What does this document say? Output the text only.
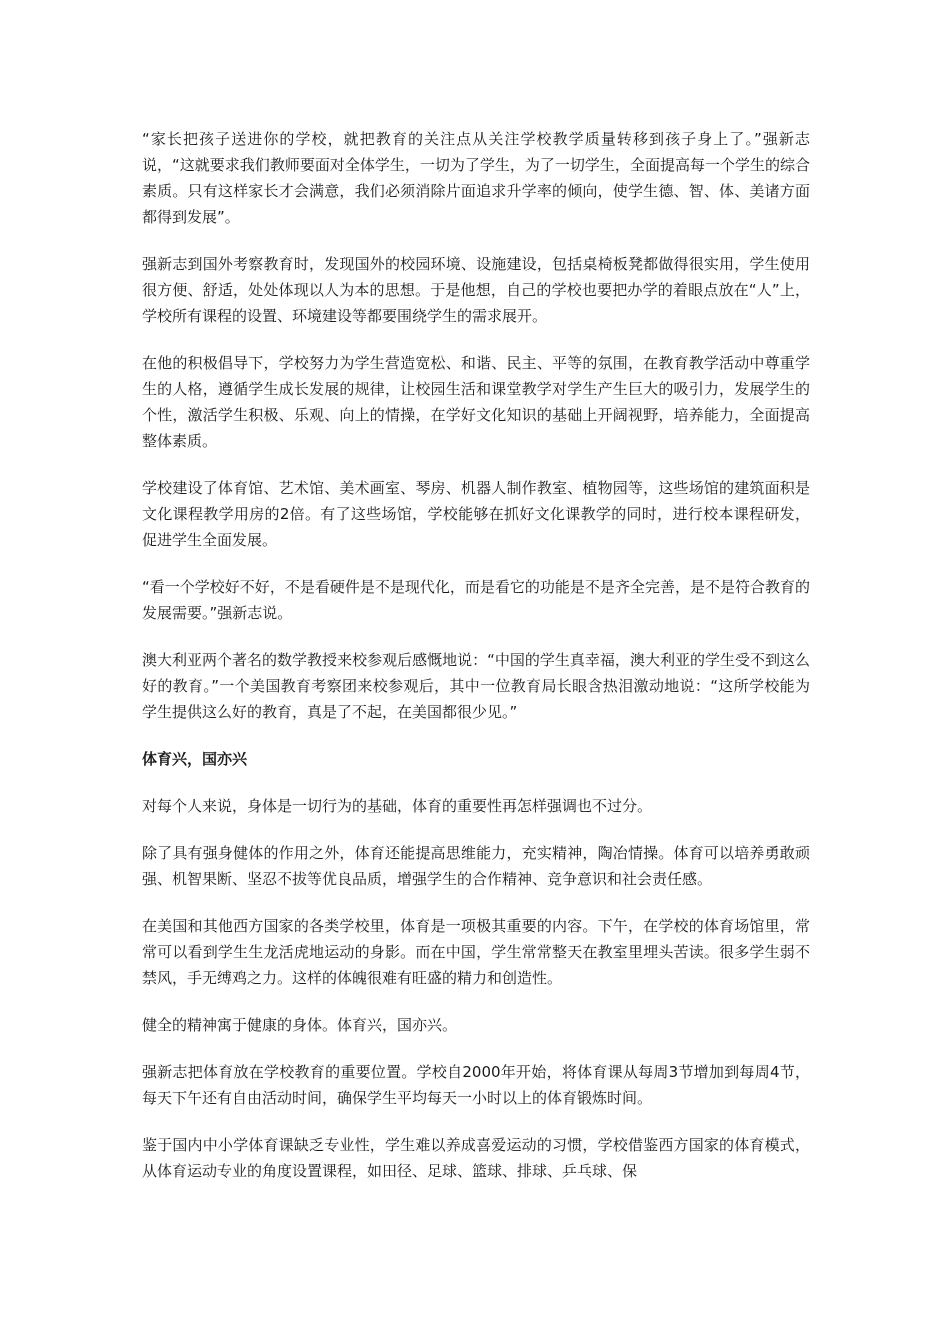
“家长把孩子送进你的学校，就把教育的关注点从关注学校教学质量转移到孩子身上了。”强新志说，“这就要求我们教师要面对全体学生，一切为了学生，为了一切学生，全面提高每一个学生的综合素质。只有这样家长才会满意，我们必须消除片面追求升学率的倾向，使学生德、智、体、美诸方面都得到发展”。

强新志到国外考察教育时，发现国外的校园环境、设施建设，包括桌椅板凳都做得很实用，学生使用很方便、舒适，处处体现以人为本的思想。于是他想，自己的学校也要把办学的着眼点放在“人”上，学校所有课程的设置、环境建设等都要围绕学生的需求展开。

在他的积极倡导下，学校努力为学生营造宽松、和谐、民主、平等的氛围，在教育教学活动中尊重学生的人格，遵循学生成长发展的规律，让校园生活和课堂教学对学生产生巨大的吸引力，发展学生的个性，激活学生积极、乐观、向上的情操，在学好文化知识的基础上开阔视野，培养能力，全面提高整体素质。

学校建设了体育馆、艺术馆、美术画室、琴房、机器人制作教室、植物园等，这些场馆的建筑面积是文化课程教学用房的2倍。有了这些场馆，学校能够在抓好文化课教学的同时，进行校本课程研发，促进学生全面发展。

“看一个学校好不好，不是看硬件是不是现代化，而是看它的功能是不是齐全完善，是不是符合教育的发展需要。”强新志说。

澳大利亚两个著名的数学教授来校参观后感慨地说：“中国的学生真幸福，澳大利亚的学生受不到这么好的教育。”一个美国教育考察团来校参观后，其中一位教育局长眼含热泪激动地说：“这所学校能为学生提供这么好的教育，真是了不起，在美国都很少见。”

体育兴，国亦兴

对每个人来说，身体是一切行为的基础，体育的重要性再怎样强调也不过分。

除了具有强身健体的作用之外，体育还能提高思维能力，充实精神，陶冶情操。体育可以培养勇敢顽强、机智果断、坚忍不拔等优良品质，增强学生的合作精神、竞争意识和社会责任感。

在美国和其他西方国家的各类学校里，体育是一项极其重要的内容。下午，在学校的体育场馆里，常常可以看到学生生龙活虎地运动的身影。而在中国，学生常常整天在教室里埋头苦读。很多学生弱不禁风，手无缚鸡之力。这样的体魄很难有旺盛的精力和创造性。

健全的精神寓于健康的身体。体育兴，国亦兴。

强新志把体育放在学校教育的重要位置。学校自2000年开始，将体育课从每周3节增加到每周4节，每天下午还有自由活动时间，确保学生平均每天一小时以上的体育锻炼时间。

鉴于国内中小学体育课缺乏专业性，学生难以养成喜爱运动的习惯，学校借鉴西方国家的体育模式，从体育运动专业的角度设置课程，如田径、足球、篮球、排球、乒乓球、保
